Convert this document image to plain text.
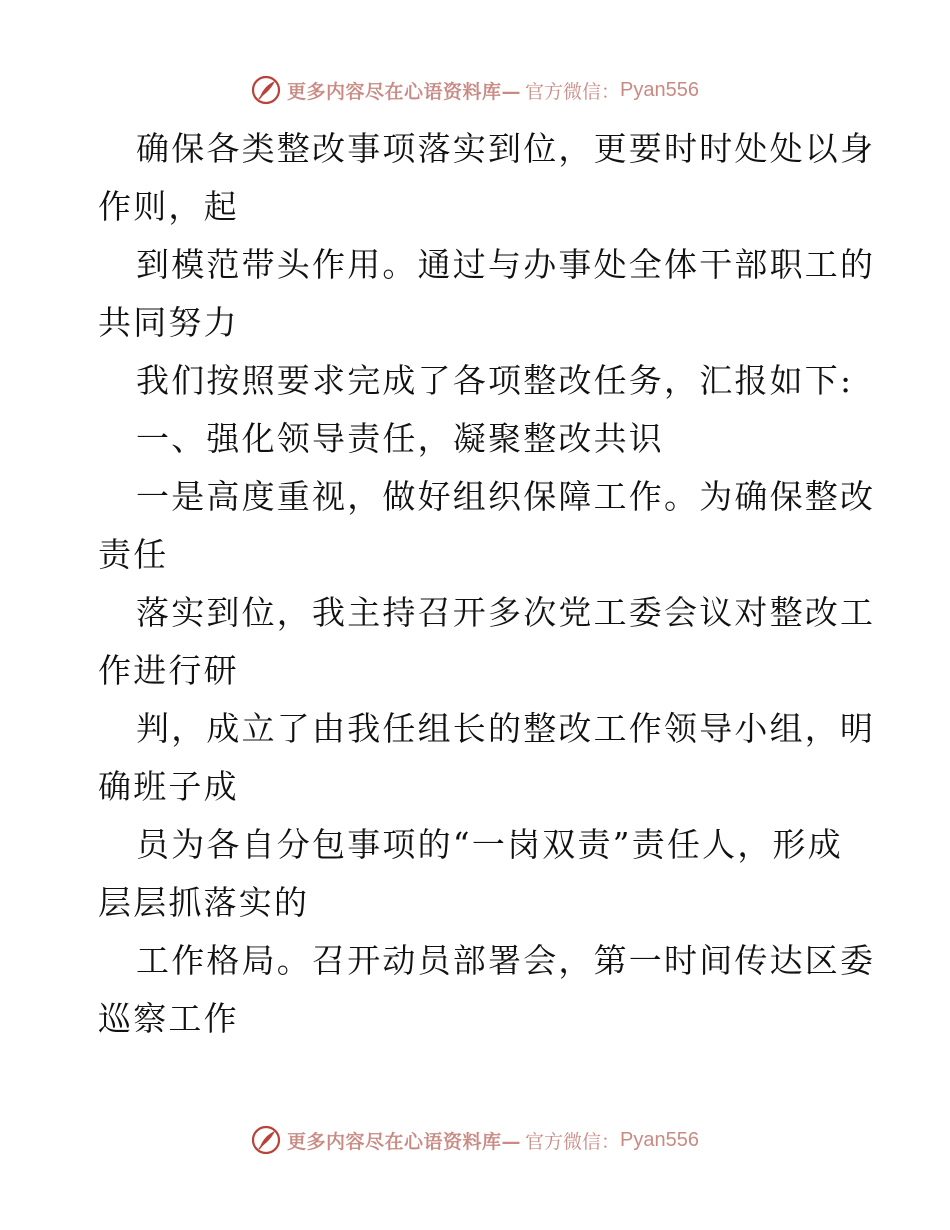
更多内容尽在心语资料库— 官方微信： Pyan556
确保各类整改事项落实到位，更要时时处处以身
作则，起
到模范带头作用。通过与办事处全体干部职工的
共同努力
我们按照要求完成了各项整改任务，汇报如下:
一、强化领导责任，凝聚整改共识
一是高度重视，做好组织保障工作。为确保整改
责任
落实到位，我主持召开多次党工委会议对整改工
作进行研
判，成立了由我任组长的整改工作领导小组，明
确班子成
员为各自分包事项的“一岗双责”责任人，形成
层层抓落实的
工作格局。召开动员部署会，第一时间传达区委
巡察工作
更多内容尽在心语资料库— 官方微信： Pyan556
